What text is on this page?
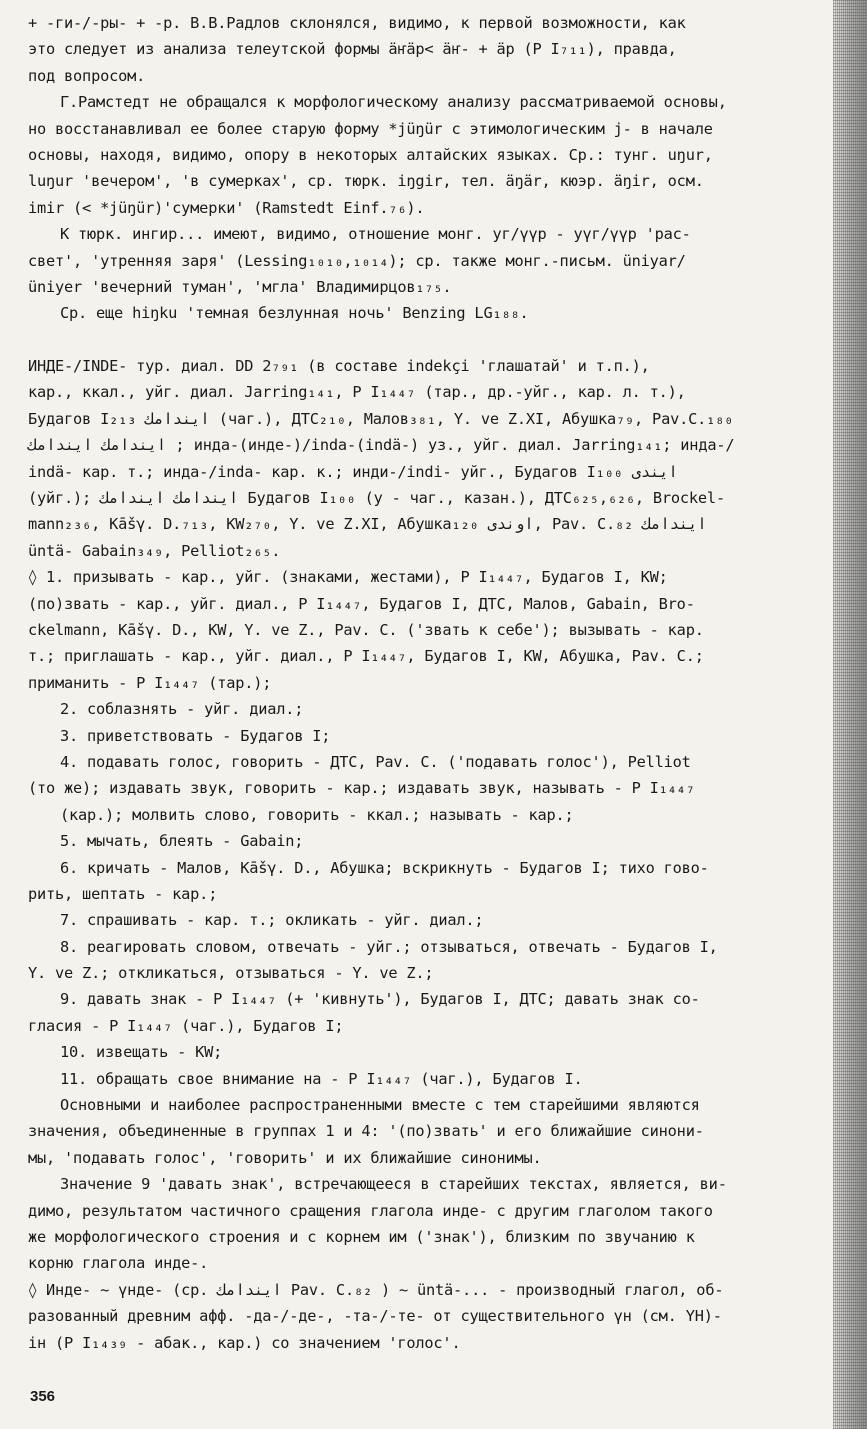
+ -ги-/-ры- + -р. В.В.Радлов склонялся, видимо, к первой возможности, как
это следует из анализа телеутской формы äҥäр< äҥ- + äр (Р I₇₁₁), правда,
под вопросом.
Г.Рамстедт не обращался к морфологическому анализу рассматриваемой основы,
но восстанавливал ее более старую форму *jüŋür с этимологическим j- в начале
основы, находя, видимо, опору в некоторых алтайских языках. Ср.: тунг. uŋur,
luŋur 'вечером', 'в сумерках', ср. тюрк. iŋgir, тел. äŋär, кюэр. äŋir, осм.
imir (< *jüŋür)'сумерки' (Ramstedt Einf.₇₆).
К тюрк. ингир... имеют, видимо, отношение монг. уг/үүр - уүг/үүр 'рас-
свет', 'утренняя заря' (Lessing₁₀₁₀,₁₀₁₄); ср. также монг.-письм. üniyar/
üniyer 'вечерний туман', 'мгла' Владимирцов₁₇₅.
Ср. еще hiŋku 'темная безлунная ночь' Benzing LG₁₈₈.
ИНДЕ-/INDE- тур. диал. DD 2₇₉₁ (в составе indekçi 'глашатай' и т.п.),
кар., ккал., уйг. диал. Jarring₁₄₁, Р I₁₄₄₇ (тар., др.-уйг., кар. л. т.),
Будагов I₂₁₃ ايندامك (чаг.), ДТС₂₁₀, Малов₃₈₁, Y. ve Z.XI, Абушка₇₉, Pav.C.₁₈₀
ايندامك ايندامك ; инда-(инде-)/inda-(indä-) уз., уйг. диал. Jarring₁₄₁; инда-/
indä- кар. т.; инда-/inda- кар. к.; инди-/indi- уйг., Будагов I₁₀₀ ايندى
(уйг.); ايندامك ايندامك Будагов I₁₀₀ (у - чаг., казан.), ДТС₆₂₅,₆₂₆, Brockel-
mann₂₃₆, Kāšγ. D.₇₁₃, KW₂₇₀, Y. ve Z.XI, Абушка₁₂₀ اوندى, Pav. C.₈₂ ايندامك
üntä- Gabain₃₄₉, Pelliot₂₆₅.
◊ 1. призывать - кар., уйг. (знаками, жестами), Р I₁₄₄₇, Будагов I, KW;
(по)звать - кар., уйг. диал., Р I₁₄₄₇, Будагов I, ДТС, Малов, Gabain, Bro-
ckelmann, Kāšγ. D., KW, Y. ve Z., Pav. C. ('звать к себе'); вызывать - кар.
т.; приглашать - кар., уйг. диал., Р I₁₄₄₇, Будагов I, KW, Абушка, Pav. C.;
приманить - Р I₁₄₄₇ (тар.);
2. соблазнять - уйг. диал.;
3. приветствовать - Будагов I;
4. подавать голос, говорить - ДТС, Pav. C. ('подавать голос'), Pelliot
(то же); издавать звук, говорить - кар.; издавать звук, называть - Р I₁₄₄₇
(кар.); молвить слово, говорить - ккал.; называть - кар.;
5. мычать, блеять - Gabain;
6. кричать - Малов, Kāšγ. D., Абушка; вскрикнуть - Будагов I; тихо гово-
рить, шептать - кар.;
7. спрашивать - кар. т.; окликать - уйг. диал.;
8. реагировать словом, отвечать - уйг.; отзываться, отвечать - Будагов I,
Y. ve Z.; откликаться, отзываться - Y. ve Z.;
9. давать знак - Р I₁₄₄₇ (+ 'кивнуть'), Будагов I, ДТС; давать знак со-
гласия - Р I₁₄₄₇ (чаг.), Будагов I;
10. извещать - KW;
11. обращать свое внимание на - Р I₁₄₄₇ (чаг.), Будагов I.
Основными и наиболее распространенными вместе с тем старейшими являются
значения, объединенные в группах 1 и 4: '(по)звать' и его ближайшие синони-
мы, 'подавать голос', 'говорить' и их ближайшие синонимы.
Значение 9 'давать знак', встречающееся в старейших текстах, является, ви-
димо, результатом частичного сращения глагола инде- с другим глаголом такого
же морфологического строения и с корнем им ('знак'), близким по звучанию к
корню глагола инде-.
◊ Инде- ~ үнде- (ср. ايندامك Pav. C.₈₂ ) ~ üntä-... - производный глагол, об-
разованный древним афф. -да-/-де-, -та-/-те- от существительного үн (см. ҮН)-
ін (Р I₁₄₃₉ - абак., кар.) со значением 'голос'.
356
